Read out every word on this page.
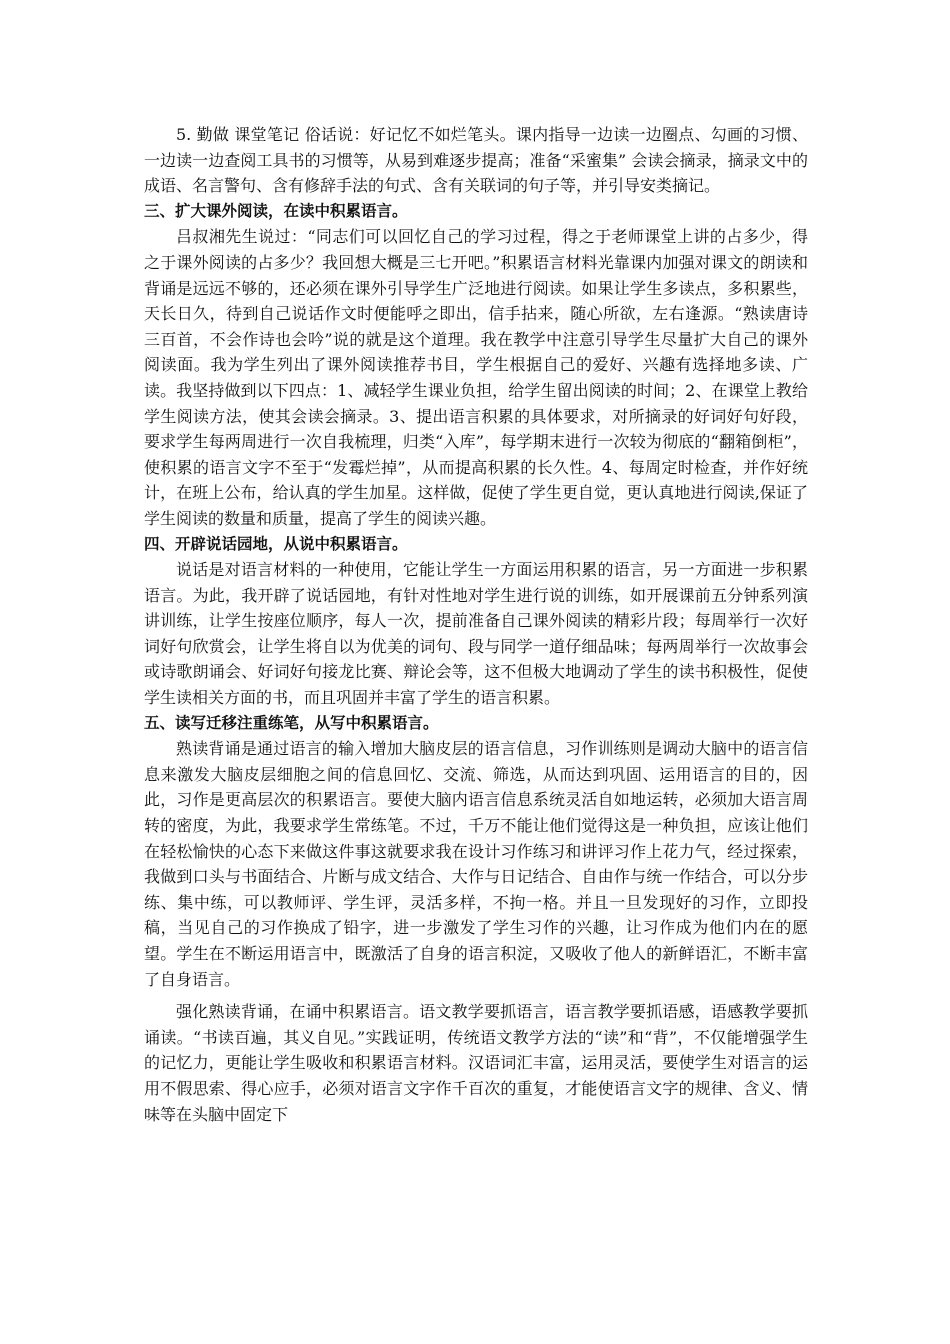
5. 勤做 课堂笔记 俗话说：好记忆不如烂笔头。课内指导一边读一边圈点、勾画的习惯、一边读一边查阅工具书的习惯等，从易到难逐步提高；准备“采蜜集” 会读会摘录，摘录文中的成语、名言警句、含有修辞手法的句式、含有关联词的句子等，并引导安类摘记。

三、扩大课外阅读，在读中积累语言。

吕叔湘先生说过：“同志们可以回忆自己的学习过程，得之于老师课堂上讲的占多少，得之于课外阅读的占多少？我回想大概是三七开吧。”积累语言材料光靠课内加强对课文的朗读和背诵是远远不够的，还必须在课外引导学生广泛地进行阅读。如果让学生多读点，多积累些，天长日久，待到自己说话作文时便能呼之即出，信手拈来，随心所欲，左右逢源。“熟读唐诗三百首，不会作诗也会吟”说的就是这个道理。我在教学中注意引导学生尽量扩大自己的课外阅读面。我为学生列出了课外阅读推荐书目，学生根据自己的爱好、兴趣有选择地多读、广读。我坚持做到以下四点：1、减轻学生课业负担，给学生留出阅读的时间；2、在课堂上教给学生阅读方法，使其会读会摘录。3、提出语言积累的具体要求，对所摘录的好词好句好段，要求学生每两周进行一次自我梳理，归类“入库”，每学期末进行一次较为彻底的“翻箱倒柜”，使积累的语言文字不至于“发霉烂掉”，从而提高积累的长久性。4、每周定时检查，并作好统计，在班上公布，给认真的学生加星。这样做，促使了学生更自觉，更认真地进行阅读,保证了学生阅读的数量和质量，提高了学生的阅读兴趣。

四、开辟说话园地，从说中积累语言。

说话是对语言材料的一种使用，它能让学生一方面运用积累的语言，另一方面进一步积累语言。为此，我开辟了说话园地，有针对性地对学生进行说的训练，如开展课前五分钟系列演讲训练，让学生按座位顺序，每人一次，提前准备自己课外阅读的精彩片段；每周举行一次好词好句欣赏会，让学生将自以为优美的词句、段与同学一道仔细品味；每两周举行一次故事会或诗歌朗诵会、好词好句接龙比赛、辩论会等，这不但极大地调动了学生的读书积极性，促使学生读相关方面的书，而且巩固并丰富了学生的语言积累。

五、读写迁移注重练笔，从写中积累语言。

熟读背诵是通过语言的输入增加大脑皮层的语言信息，习作训练则是调动大脑中的语言信息来激发大脑皮层细胞之间的信息回忆、交流、筛选，从而达到巩固、运用语言的目的，因此，习作是更高层次的积累语言。要使大脑内语言信息系统灵活自如地运转，必须加大语言周转的密度，为此，我要求学生常练笔。不过，千万不能让他们觉得这是一种负担，应该让他们在轻松愉快的心态下来做这件事这就要求我在设计习作练习和讲评习作上花力气，经过探索，我做到口头与书面结合、片断与成文结合、大作与日记结合、自由作与统一作结合，可以分步练、集中练，可以教师评、学生评，灵活多样，不拘一格。并且一旦发现好的习作，立即投稿，当见自己的习作换成了铅字，进一步激发了学生习作的兴趣，让习作成为他们内在的愿望。学生在不断运用语言中，既激活了自身的语言积淀，又吸收了他人的新鲜语汇，不断丰富了自身语言。

强化熟读背诵，在诵中积累语言。语文教学要抓语言，语言教学要抓语感，语感教学要抓诵读。“书读百遍，其义自见。”实践证明，传统语文教学方法的“读”和“背”，不仅能增强学生的记忆力，更能让学生吸收和积累语言材料。汉语词汇丰富，运用灵活，要使学生对语言的运用不假思索、得心应手，必须对语言文字作千百次的重复，才能使语言文字的规律、含义、情味等在头脑中固定下
